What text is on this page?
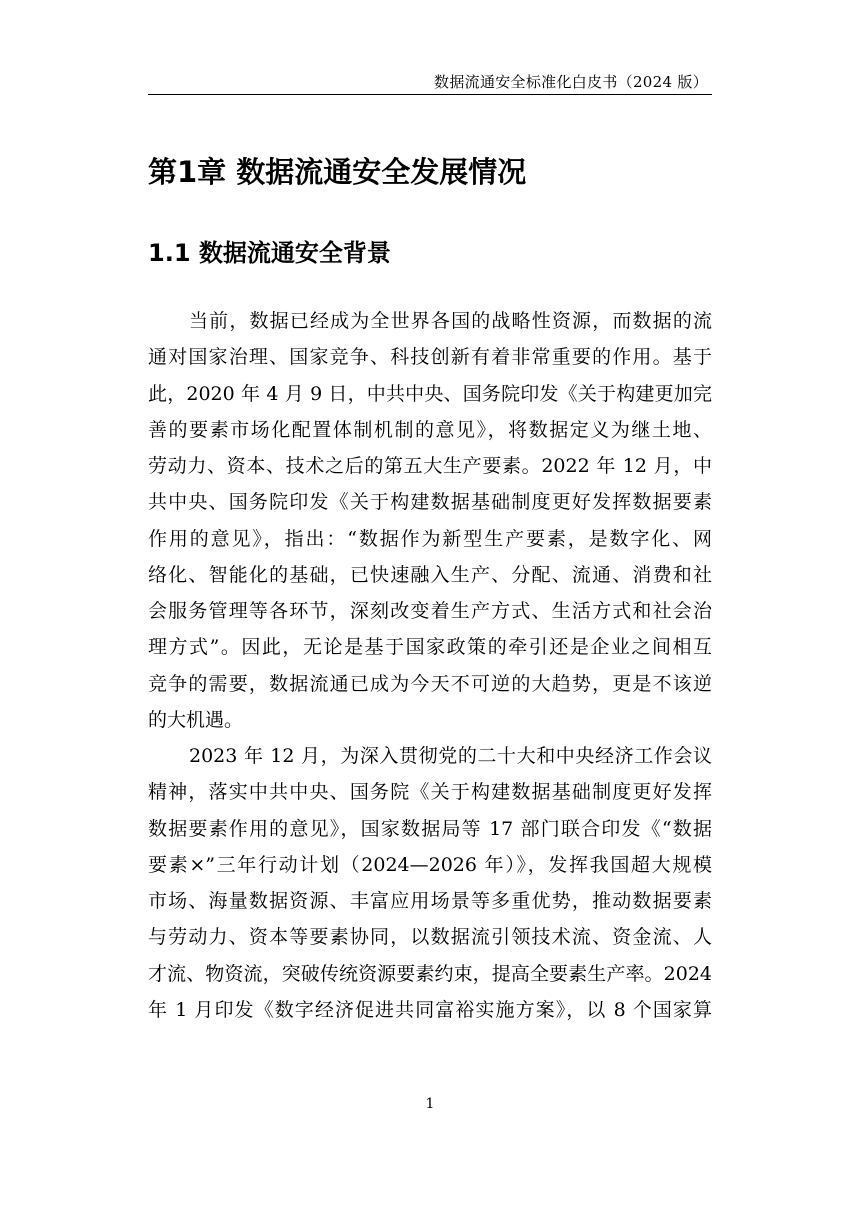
数据流通安全标准化白皮书（2024 版）
第1章 数据流通安全发展情况
1.1 数据流通安全背景
当前，数据已经成为全世界各国的战略性资源，而数据的流
通对国家治理、国家竞争、科技创新有着非常重要的作用。基于
此，2020 年 4 月 9 日，中共中央、国务院印发《关于构建更加完
善的要素市场化配置体制机制的意见》，将数据定义为继土地、
劳动力、资本、技术之后的第五大生产要素。2022 年 12 月，中
共中央、国务院印发《关于构建数据基础制度更好发挥数据要素
作用的意见》，指出：“数据作为新型生产要素，是数字化、网
络化、智能化的基础，已快速融入生产、分配、流通、消费和社
会服务管理等各环节，深刻改变着生产方式、生活方式和社会治
理方式”。因此，无论是基于国家政策的牵引还是企业之间相互
竞争的需要，数据流通已成为今天不可逆的大趋势，更是不该逆
的大机遇。
2023 年 12 月，为深入贯彻党的二十大和中央经济工作会议
精神，落实中共中央、国务院《关于构建数据基础制度更好发挥
数据要素作用的意见》，国家数据局等 17 部门联合印发《“数据
要素×”三年行动计划（2024—2026 年）》，发挥我国超大规模
市场、海量数据资源、丰富应用场景等多重优势，推动数据要素
与劳动力、资本等要素协同，以数据流引领技术流、资金流、人
才流、物资流，突破传统资源要素约束，提高全要素生产率。2024
年 1 月印发《数字经济促进共同富裕实施方案》，以 8 个国家算
1
